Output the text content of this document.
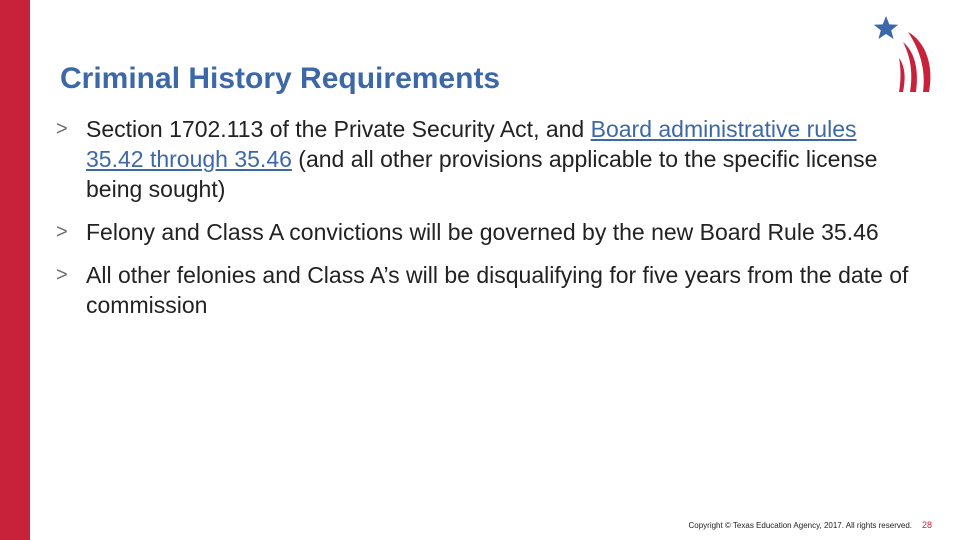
Criminal History Requirements
> Section 1702.113 of the Private Security Act, and Board administrative rules 35.42 through 35.46 (and all other provisions applicable to the specific license being sought)
> Felony and Class A convictions will be governed by the new Board Rule 35.46
> All other felonies and Class A’s will be disqualifying for five years from the date of commission
Copyright © Texas Education Agency, 2017. All rights reserved. 28
